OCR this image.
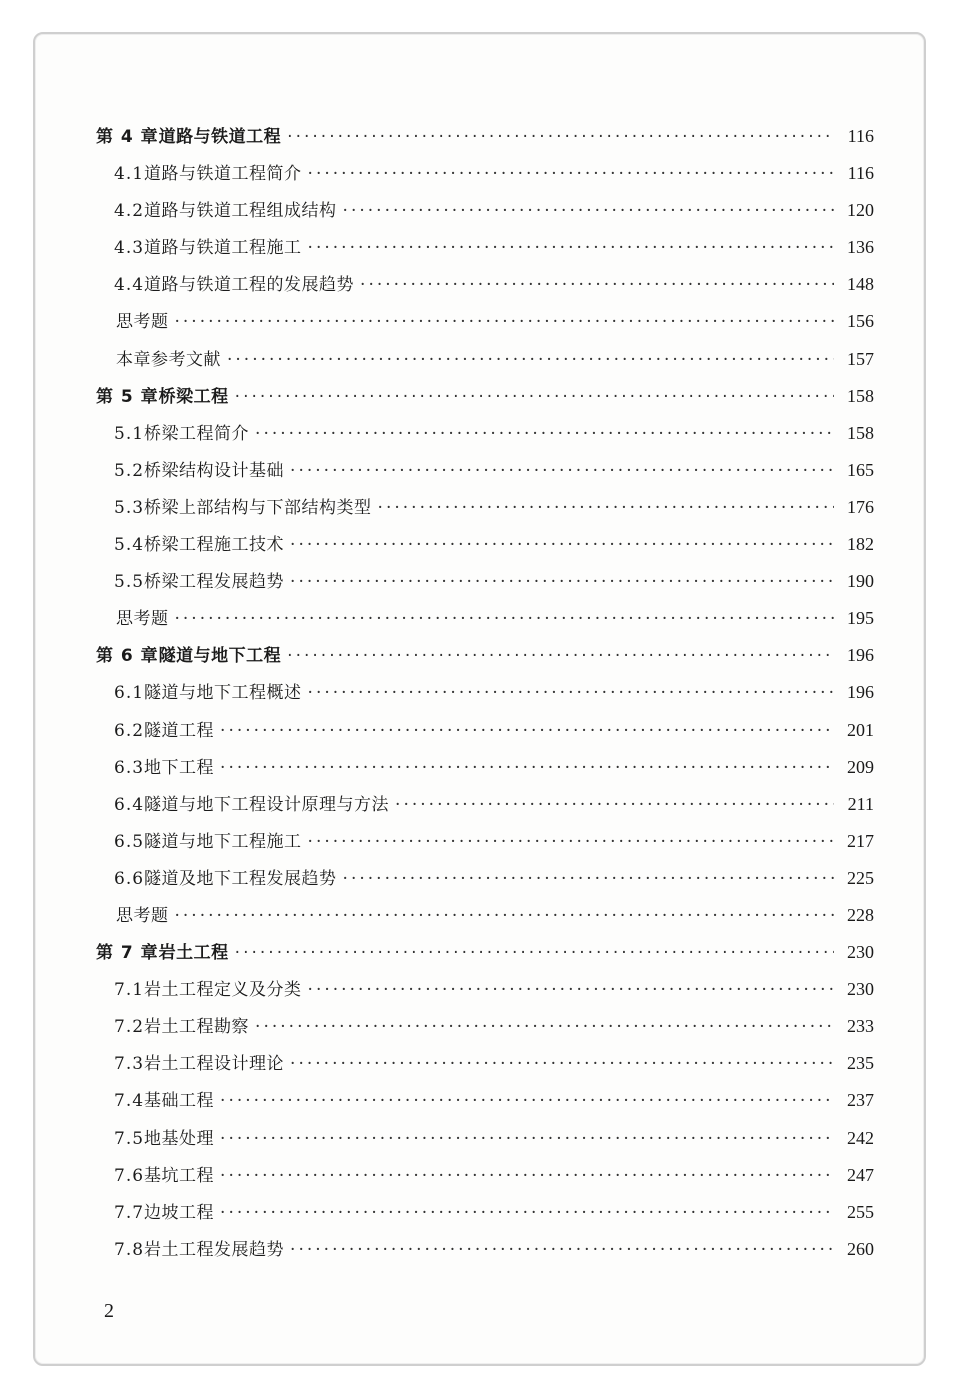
第 4 章 道路与铁道工程 ·····	116
4.1 道路与铁道工程简介 ·····	116
4.2 道路与铁道工程组成结构 ·····	120
4.3 道路与铁道工程施工 ·····	136
4.4 道路与铁道工程的发展趋势 ·····	148
思考题 ·····	156
本章参考文献 ·····	157
第 5 章 桥梁工程 ·····	158
5.1 桥梁工程简介 ·····	158
5.2 桥梁结构设计基础 ·····	165
5.3 桥梁上部结构与下部结构类型 ·····	176
5.4 桥梁工程施工技术 ·····	182
5.5 桥梁工程发展趋势 ·····	190
思考题 ·····	195
第 6 章 隧道与地下工程 ·····	196
6.1 隧道与地下工程概述 ·····	196
6.2 隧道工程 ·····	201
6.3 地下工程 ·····	209
6.4 隧道与地下工程设计原理与方法 ·····	211
6.5 隧道与地下工程施工 ·····	217
6.6 隧道及地下工程发展趋势 ·····	225
思考题 ·····	228
第 7 章 岩土工程 ·····	230
7.1 岩土工程定义及分类 ·····	230
7.2 岩土工程勘察 ·····	233
7.3 岩土工程设计理论 ·····	235
7.4 基础工程 ·····	237
7.5 地基处理 ·····	242
7.6 基坑工程 ·····	247
7.7 边坡工程 ·····	255
7.8 岩土工程发展趋势 ·····	260
2
